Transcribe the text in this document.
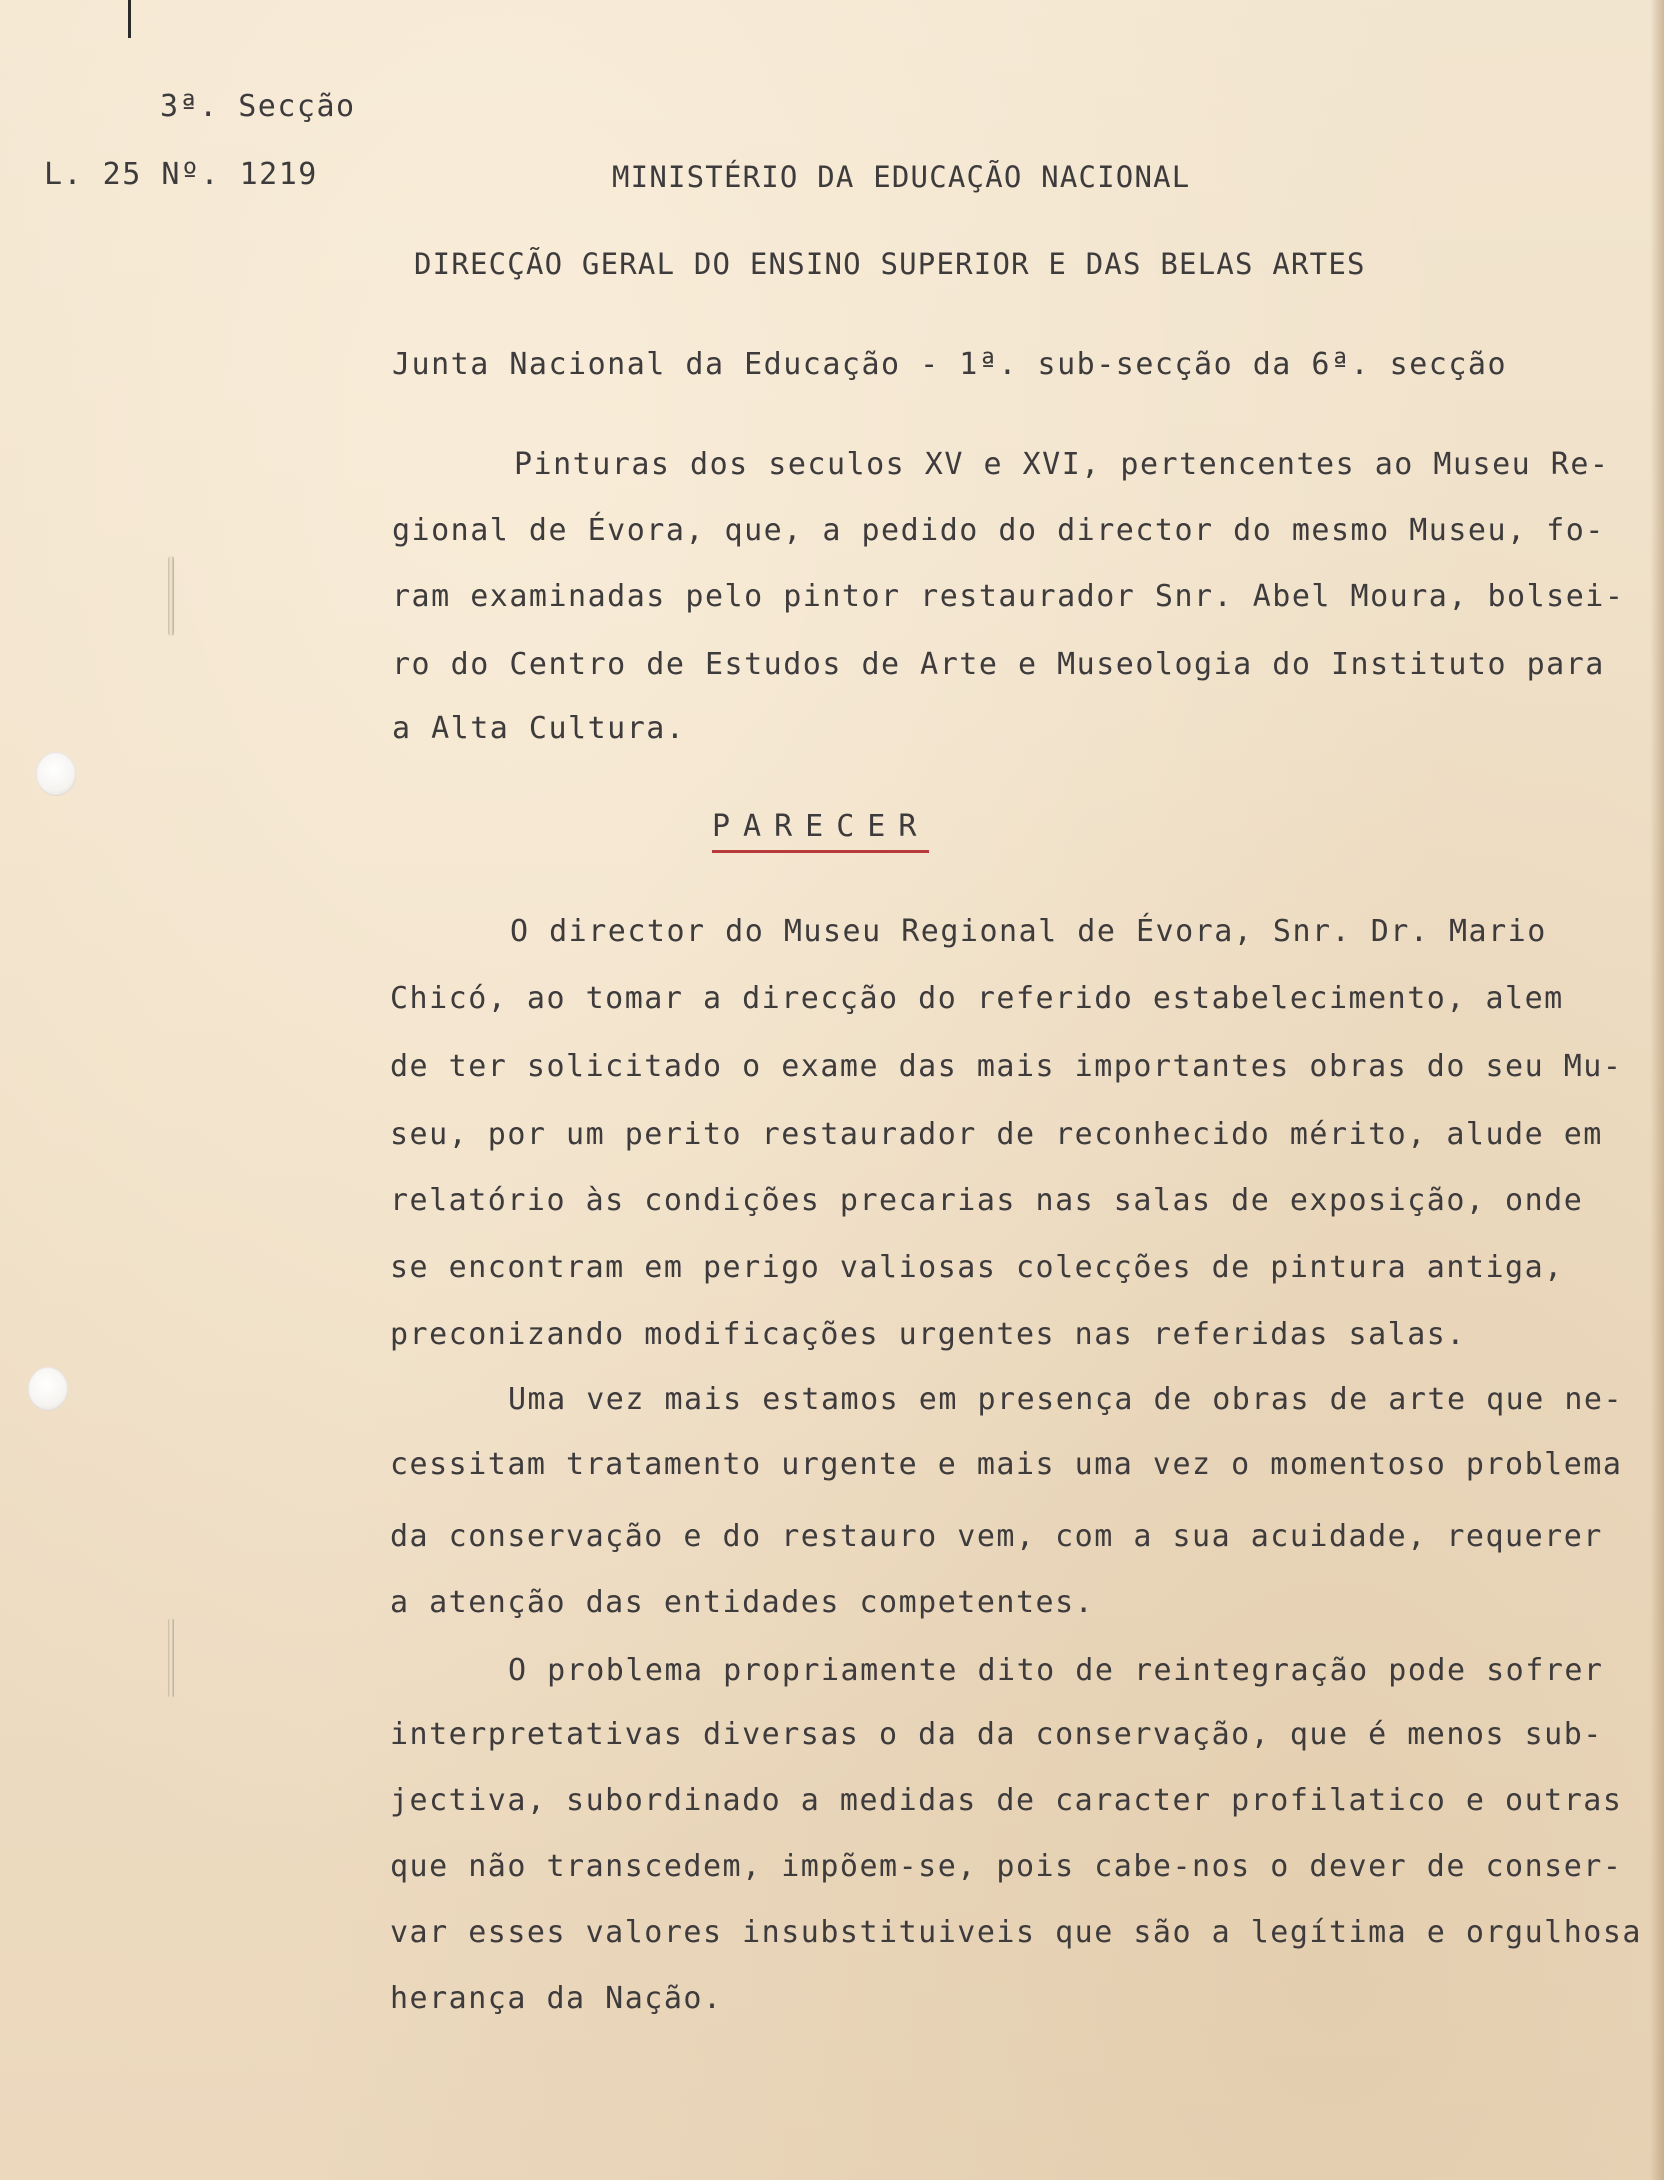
3ª. Secção
L. 25 Nº. 1219	MINISTÉRIO DA EDUCAÇÃO NACIONAL
DIRECÇÃO GERAL DO ENSINO SUPERIOR E DAS BELAS ARTES
Junta Nacional da Educação - 1ª. sub-secção da 6ª. secção
Pinturas dos seculos XV e XVI, pertencentes ao Museu Re-
gional de Évora, que, a pedido do director do mesmo Museu, fo-
ram examinadas pelo pintor restaurador Snr. Abel Moura, bolsei-
ro do Centro de Estudos de Arte e Museologia do Instituto para
a Alta Cultura.
PARECER
O director do Museu Regional de Évora, Snr. Dr. Mario
Chicó, ao tomar a direcção do referido estabelecimento, alem
de ter solicitado o exame das mais importantes obras do seu Mu-
seu, por um perito restaurador de reconhecido mérito, alude em
relatório às condições precarias nas salas de exposição, onde
se encontram em perigo valiosas colecções de pintura antiga,
preconizando modificações urgentes nas referidas salas.
Uma vez mais estamos em presença de obras de arte que ne-
cessitam tratamento urgente e mais uma vez o momentoso problema
da conservação e do restauro vem, com a sua acuidade, requerer
a atenção das entidades competentes.
O problema propriamente dito de reintegração pode sofrer
interpretativas diversas o da da conservação, que é menos sub-
jectiva, subordinado a medidas de caracter profilatico e outras
que não transcedem, impõem-se, pois cabe-nos o dever de conser-
var esses valores insubstituiveis que são a legítima e orgulhosa
herança da Nação.
